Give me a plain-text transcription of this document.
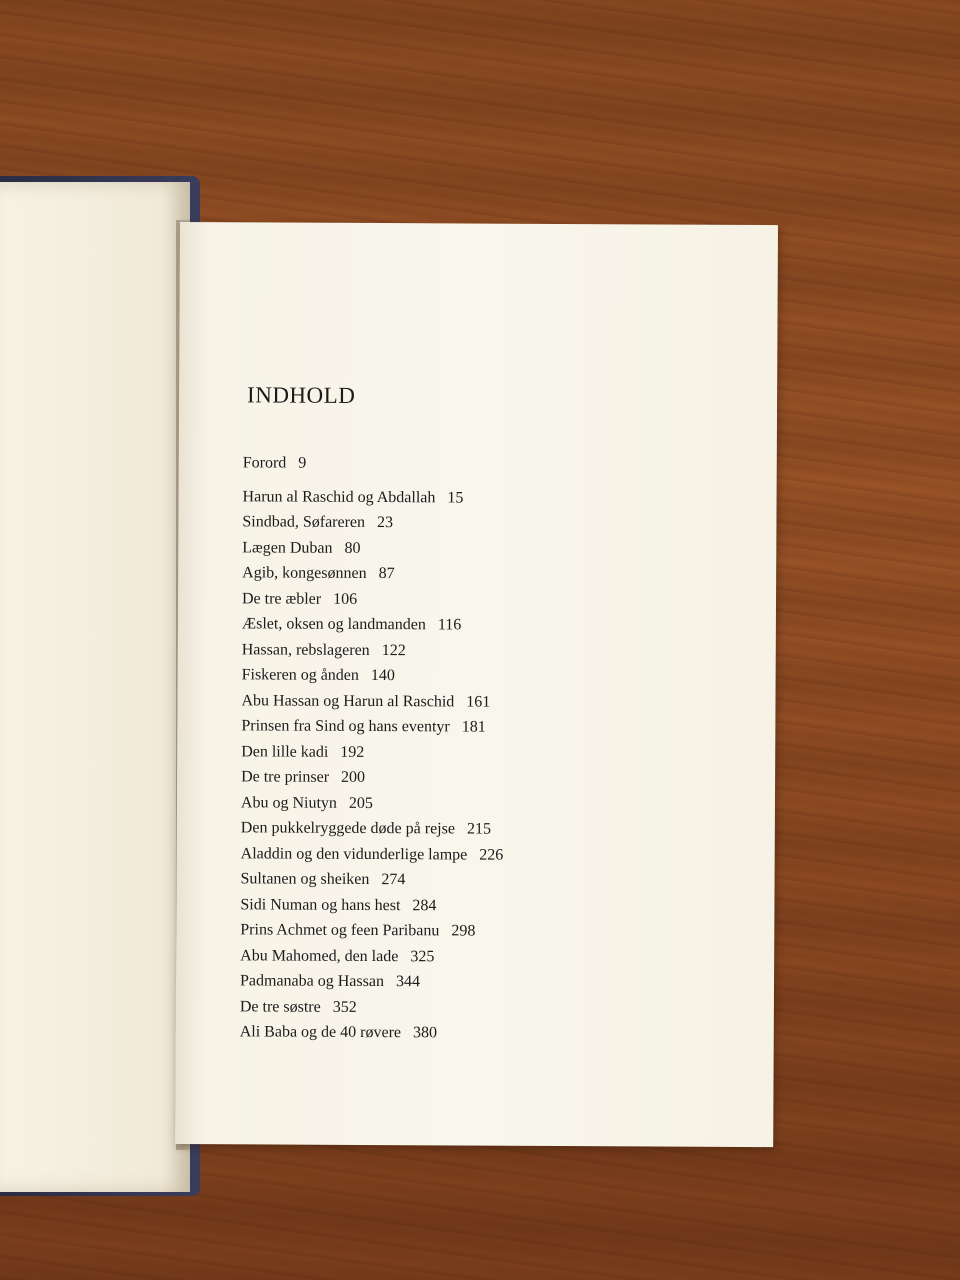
INDHOLD
Forord 9
Harun al Raschid og Abdallah 15
Sindbad, Søfareren 23
Lægen Duban 80
Agib, kongesønnen 87
De tre æbler 106
Æslet, oksen og landmanden 116
Hassan, rebslageren 122
Fiskeren og ånden 140
Abu Hassan og Harun al Raschid 161
Prinsen fra Sind og hans eventyr 181
Den lille kadi 192
De tre prinser 200
Abu og Niutyn 205
Den pukkelryggede døde på rejse 215
Aladdin og den vidunderlige lampe 226
Sultanen og sheiken 274
Sidi Numan og hans hest 284
Prins Achmet og feen Paribanu 298
Abu Mahomed, den lade 325
Padmanaba og Hassan 344
De tre søstre 352
Ali Baba og de 40 røvere 380
